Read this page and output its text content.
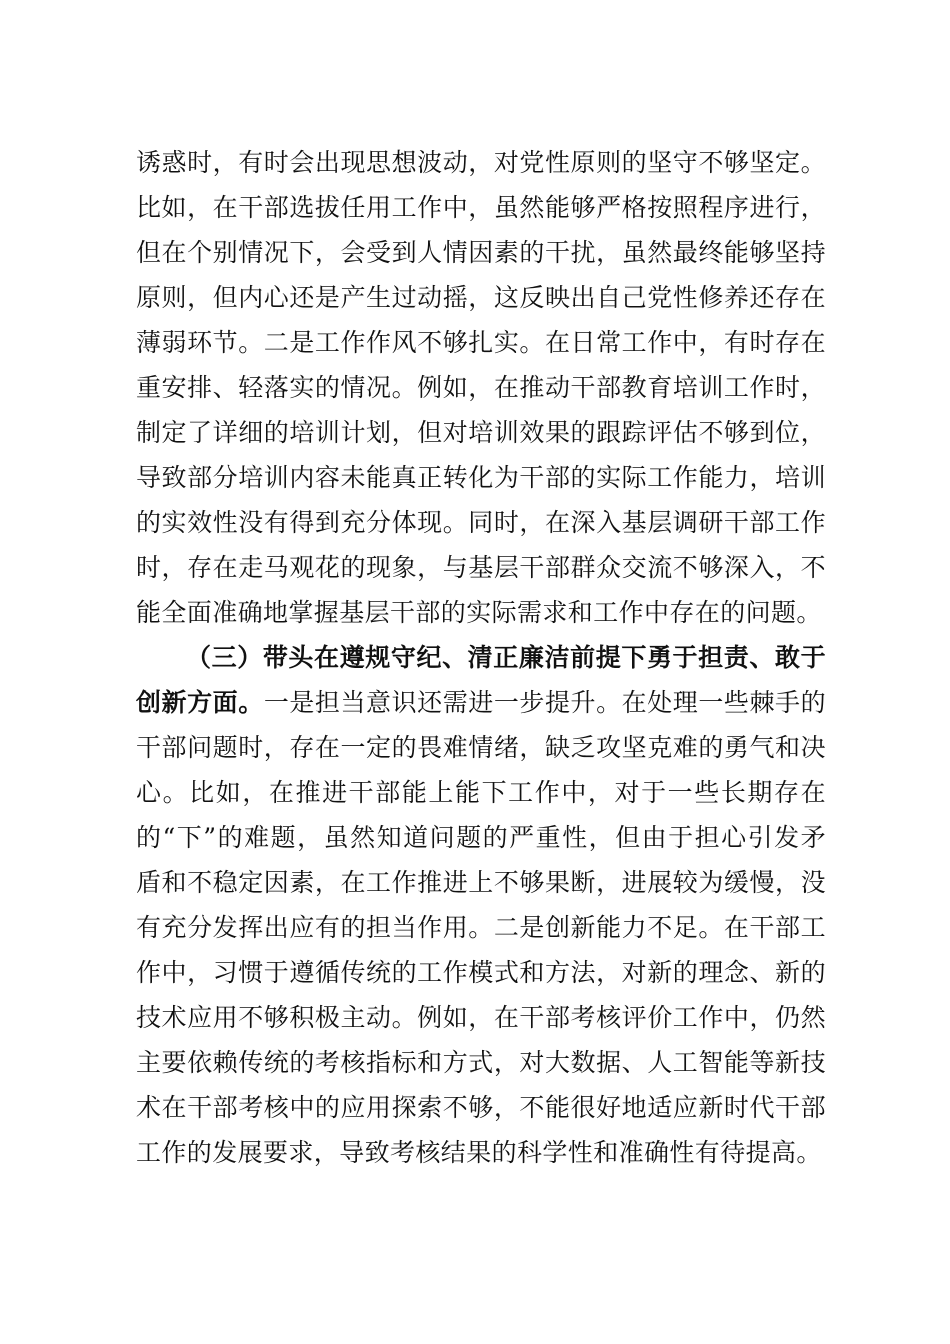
诱惑时，有时会出现思想波动，对党性原则的坚守不够坚定。
比如，在干部选拔任用工作中，虽然能够严格按照程序进行，
但在个别情况下，会受到人情因素的干扰，虽然最终能够坚持
原则，但内心还是产生过动摇，这反映出自己党性修养还存在
薄弱环节。二是工作作风不够扎实。在日常工作中，有时存在
重安排、轻落实的情况。例如，在推动干部教育培训工作时，
制定了详细的培训计划，但对培训效果的跟踪评估不够到位，
导致部分培训内容未能真正转化为干部的实际工作能力，培训
的实效性没有得到充分体现。同时，在深入基层调研干部工作
时，存在走马观花的现象，与基层干部群众交流不够深入，不
能全面准确地掌握基层干部的实际需求和工作中存在的问题。
（三）带头在遵规守纪、清正廉洁前提下勇于担责、敢于
创新方面。一是担当意识还需进一步提升。在处理一些棘手的
干部问题时，存在一定的畏难情绪，缺乏攻坚克难的勇气和决
心。比如，在推进干部能上能下工作中，对于一些长期存在
的“下”的难题，虽然知道问题的严重性，但由于担心引发矛
盾和不稳定因素，在工作推进上不够果断，进展较为缓慢，没
有充分发挥出应有的担当作用。二是创新能力不足。在干部工
作中，习惯于遵循传统的工作模式和方法，对新的理念、新的
技术应用不够积极主动。例如，在干部考核评价工作中，仍然
主要依赖传统的考核指标和方式，对大数据、人工智能等新技
术在干部考核中的应用探索不够，不能很好地适应新时代干部
工作的发展要求，导致考核结果的科学性和准确性有待提高。
